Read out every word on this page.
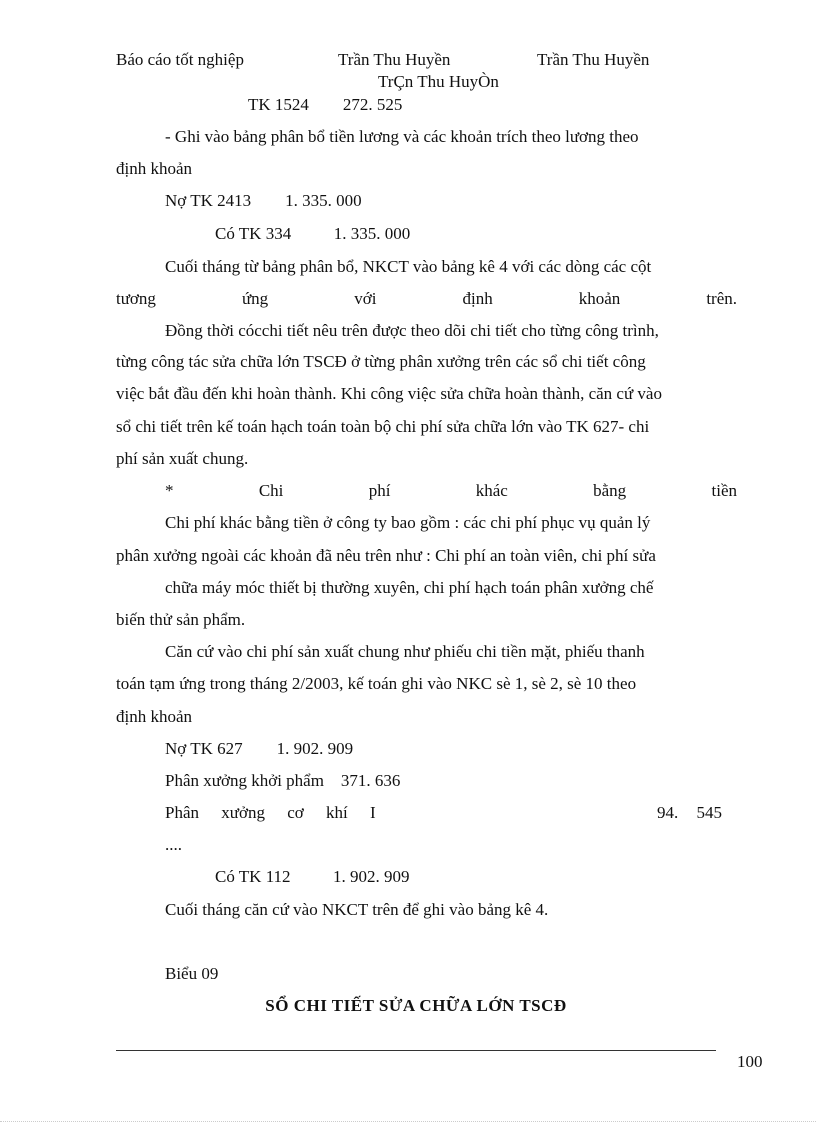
Báo cáo tốt nghiệp	Trần Thu Huyền	Trần Thu Huyền
TrÇn Thu HuyÒn
TK 1524        272. 525
- Ghi vào bảng phân bổ tiền lương và các khoản trích theo lương theo
định khoản
Nợ TK 2413        1. 335. 000
Có TK 334          1. 335. 000
Cuối tháng từ bảng phân bổ, NKCT vào bảng kê 4 với các dòng các cột
tương	ứng	với	định	khoản	trên.
Đồng thời cócchi tiết nêu trên được theo dõi chi tiết cho từng công trình,
từng công tác sửa chữa lớn TSCĐ ở từng phân xưởng trên các sổ chi tiết công
việc bắt đầu đến khi hoàn thành. Khi công việc sửa chữa hoàn thành, căn cứ vào
sổ chi tiết trên kế toán hạch toán toàn bộ chi phí sửa chữa lớn vào TK 627- chi
phí sản xuất chung.
*	Chi	phí	khác	bằng	tiền
Chi phí khác bằng tiền ở công ty bao gồm : các chi phí phục vụ quản lý
phân xưởng ngoài các khoản đã nêu trên như : Chi phí an toàn viên, chi phí sửa
chữa máy móc thiết bị thường xuyên, chi phí hạch toán phân xưởng chế
biến thử sản phẩm.
Căn cứ vào chi phí sản xuất chung như phiếu chi tiền mặt, phiếu thanh
toán tạm ứng trong tháng 2/2003, kế toán ghi vào NKC sè 1, sè 2, sè 10 theo
định khoản
Nợ TK 627        1. 902. 909
Phân xưởng khởi phẩm    371. 636
Phân xưởng cơ khí I	94. 545
....
Có TK 112          1. 902. 909
Cuối tháng căn cứ vào NKCT trên để ghi vào bảng kê 4.
Biểu 09
SỔ CHI TIẾT SỬA CHỮA LỚN TSCĐ
100
